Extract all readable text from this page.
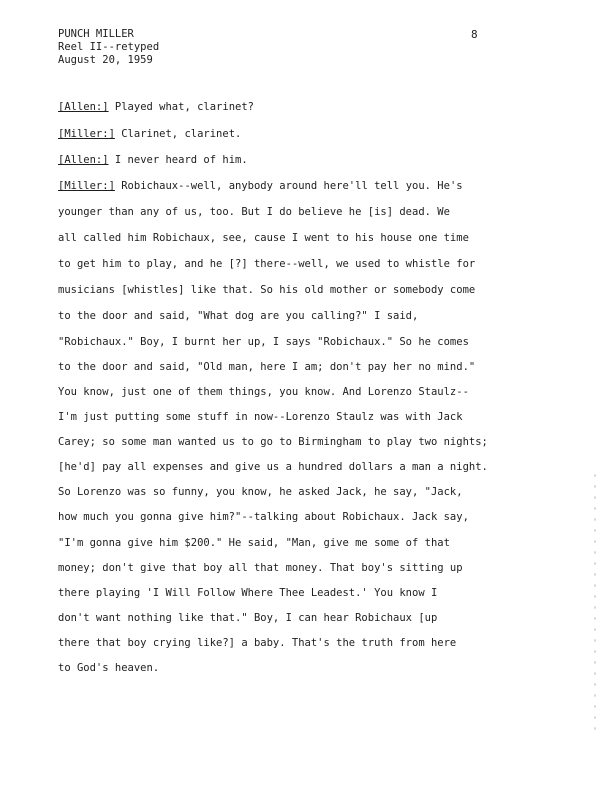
PUNCH MILLER
Reel II--retyped
August 20, 1959
8
[Allen:] Played what, clarinet?
[Miller:] Clarinet, clarinet.
[Allen:] I never heard of him.
[Miller:] Robichaux--well, anybody around here'll tell you. He's
younger than any of us, too. But I do believe he [is] dead. We
all called him Robichaux, see, cause I went to his house one time
to get him to play, and he [?] there--well, we used to whistle for
musicians [whistles] like that. So his old mother or somebody come
to the door and said, "What dog are you calling?" I said,
"Robichaux." Boy, I burnt her up, I says "Robichaux." So he comes
to the door and said, "Old man, here I am; don't pay her no mind."
You know, just one of them things, you know. And Lorenzo Staulz--
I'm just putting some stuff in now--Lorenzo Staulz was with Jack
Carey; so some man wanted us to go to Birmingham to play two nights;
[he'd] pay all expenses and give us a hundred dollars a man a night.
So Lorenzo was so funny, you know, he asked Jack, he say, "Jack,
how much you gonna give him?"--talking about Robichaux. Jack say,
"I'm gonna give him $200." He said, "Man, give me some of that
money; don't give that boy all that money. That boy's sitting up
there playing 'I Will Follow Where Thee Leadest.' You know I
don't want nothing like that." Boy, I can hear Robichaux [up
there that boy crying like?] a baby. That's the truth from here
to God's heaven.
